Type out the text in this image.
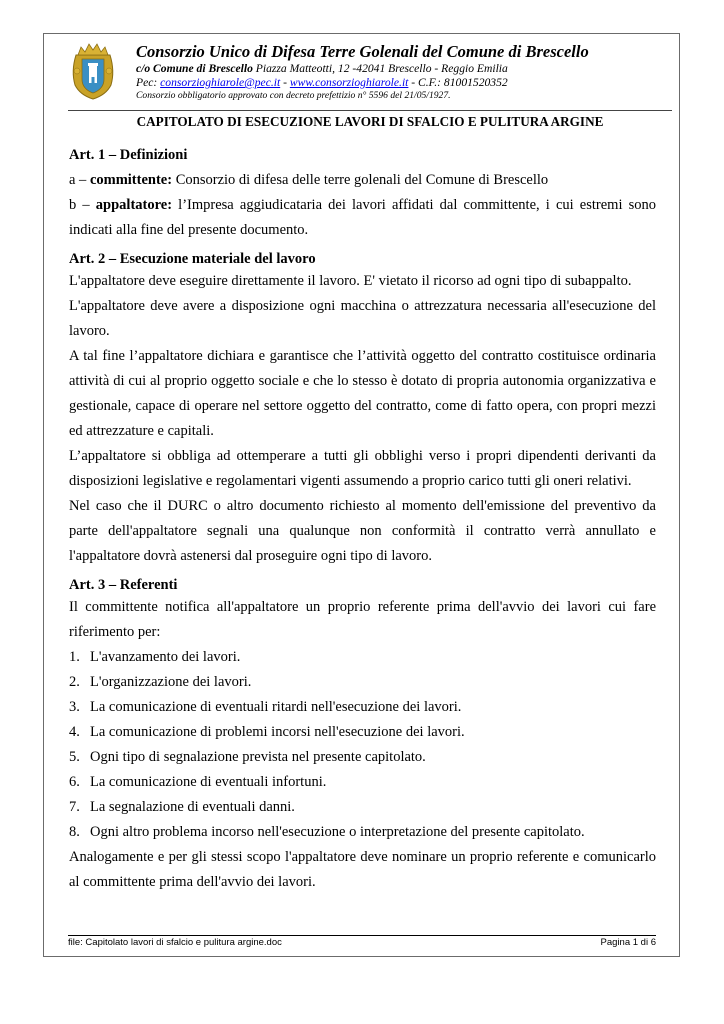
Consorzio Unico di Difesa Terre Golenali del Comune di Brescello
c/o Comune di Brescello Piazza Matteotti, 12 -42041 Brescello - Reggio Emilia
Pec: consorzioghiarole@pec.it - www.consorzioghiarole.it - C.F.: 81001520352
Consorzio obbligatorio approvato con decreto prefettizio n° 5596 del 21/05/1927.
CAPITOLATO DI ESECUZIONE LAVORI DI SFALCIO E PULITURA ARGINE

Art. 1 – Definizioni

a – committente: Consorzio di difesa delle terre golenali del Comune di Brescello

b – appaltatore: l’Impresa aggiudicataria dei lavori affidati dal committente, i cui estremi sono indicati alla fine del presente documento.

Art. 2 – Esecuzione materiale del lavoro

L'appaltatore deve eseguire direttamente il lavoro. E' vietato il ricorso ad ogni tipo di subappalto.

L'appaltatore deve avere a disposizione ogni macchina o attrezzatura necessaria all'esecuzione del lavoro.

A tal fine l’appaltatore dichiara e garantisce che l’attività oggetto del contratto costituisce ordinaria attività di cui al proprio oggetto sociale e che lo stesso è dotato di propria autonomia organizzativa e gestionale, capace di operare nel settore oggetto del contratto, come di fatto opera, con propri mezzi ed attrezzature e capitali.

L’appaltatore si obbliga ad ottemperare a tutti gli obblighi verso i propri dipendenti derivanti da disposizioni legislative e regolamentari vigenti assumendo a proprio carico tutti gli oneri relativi.

Nel caso che il DURC o altro documento richiesto al momento dell'emissione del preventivo da parte dell'appaltatore segnali una qualunque non conformità il contratto verrà annullato e l'appaltatore dovrà astenersi dal proseguire ogni tipo di lavoro.

Art. 3 – Referenti

Il committente notifica all'appaltatore un proprio referente prima dell'avvio dei lavori cui fare riferimento per:

1. L'avanzamento dei lavori.
2. L'organizzazione dei lavori.
3. La comunicazione di eventuali ritardi nell'esecuzione dei lavori.
4. La comunicazione di problemi incorsi nell'esecuzione dei lavori.
5. Ogni tipo di segnalazione prevista nel presente capitolato.
6. La comunicazione di eventuali infortuni.
7. La segnalazione di eventuali danni.
8. Ogni altro problema incorso nell'esecuzione o interpretazione del presente capitolato.

Analogamente e per gli stessi scopo l'appaltatore deve nominare un proprio referente e comunicarlo al committente prima dell'avvio dei lavori.

file: Capitolato lavori di sfalcio e pulitura argine.doc	Pagina 1 di 6
